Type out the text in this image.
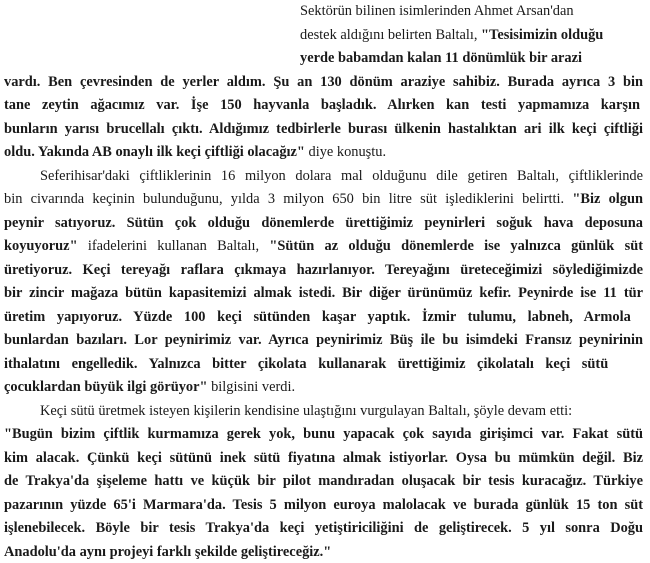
Sektörün bilinen isimlerinden Ahmet Arsan'dan
destek aldığını belirten Baltalı, "Tesisimizin olduğu
yerde babamdan kalan 11 dönümlük bir arazi
vardı. Ben çevresinden de yerler aldım. Şu an 130 dönüm araziye sahibiz. Burada ayrıca 3 bin
tane zeytin ağacımız var. İşe 150 hayvanla başladık. Alırken kan testi yapmamıza karşın
bunların yarısı brucellalı çıktı. Aldığımız tedbirlerle burası ülkenin hastalıktan ari ilk keçi çiftliği
oldu. Yakında AB onaylı ilk keçi çiftliği olacağız" diye konuştu.
Seferihisar'daki çiftliklerinin 16 milyon dolara mal olduğunu dile getiren Baltalı, çiftliklerinde
bin civarında keçinin bulunduğunu, yılda 3 milyon 650 bin litre süt işlediklerini belirtti. "Biz olgun
peynir satıyoruz. Sütün çok olduğu dönemlerde ürettiğimiz peynirleri soğuk hava deposuna
koyuyoruz" ifadelerini kullanan Baltalı, "Sütün az olduğu dönemlerde ise yalnızca günlük süt
üretiyoruz. Keçi tereyağı raflara çıkmaya hazırlanıyor. Tereyağını üreteceğimizi söylediğimizde
bir zincir mağaza bütün kapasitemizi almak istedi. Bir diğer ürünümüz kefir. Peynirde ise 11 tür
üretim yapıyoruz. Yüzde 100 keçi sütünden kaşar yaptık. İzmir tulumu, labneh, Armola
bunlardan bazıları. Lor peynirimiz var. Ayrıca peynirimiz Büş ile bu isimdeki Fransız peynirinin
ithalatını engelledik. Yalnızca bitter çikolata kullanarak ürettiğimiz çikolatalı keçi sütü
çocuklardan büyük ilgi görüyor" bilgisini verdi.
Keçi sütü üretmek isteyen kişilerin kendisine ulaştığını vurgulayan Baltalı, şöyle devam etti:
"Bugün bizim çiftlik kurmamıza gerek yok, bunu yapacak çok sayıda girişimci var. Fakat sütü
kim alacak. Çünkü keçi sütünü inek sütü fiyatına almak istiyorlar. Oysa bu mümkün değil. Biz
de Trakya'da şişeleme hattı ve küçük bir pilot mandıradan oluşacak bir tesis kuracağız. Türkiye
pazarının yüzde 65'i Marmara'da. Tesis 5 milyon euroya malolacak ve burada günlük 15 ton süt
işlenebilecek. Böyle bir tesis Trakya'da keçi yetiştiriciliğini de geliştirecek. 5 yıl sonra Doğu
Anadolu'da aynı projeyi farklı şekilde geliştireceğiz."
